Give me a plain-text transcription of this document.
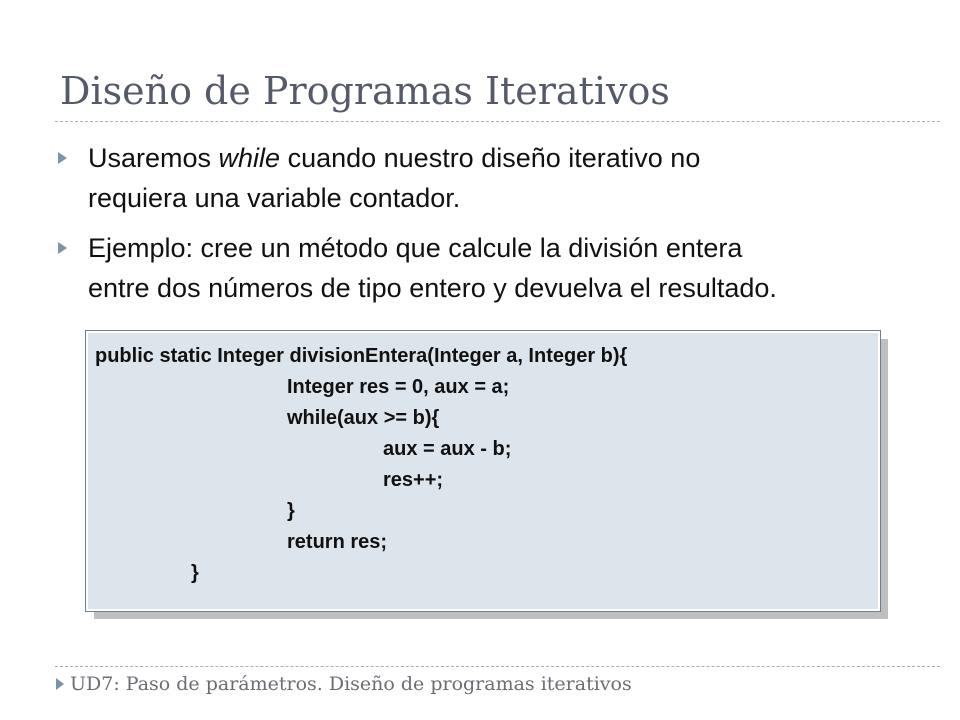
Diseño de Programas Iterativos
Usaremos while cuando nuestro diseño iterativo no
requiera una variable contador.
Ejemplo: cree un método que calcule la división entera
entre dos números de tipo entero y devuelva el resultado.
public static Integer divisionEntera(Integer a, Integer b){
Integer res = 0, aux = a;
while(aux >= b){
aux = aux - b;
res++;
}
return res;
}
UD7: Paso de parámetros. Diseño de programas iterativos
